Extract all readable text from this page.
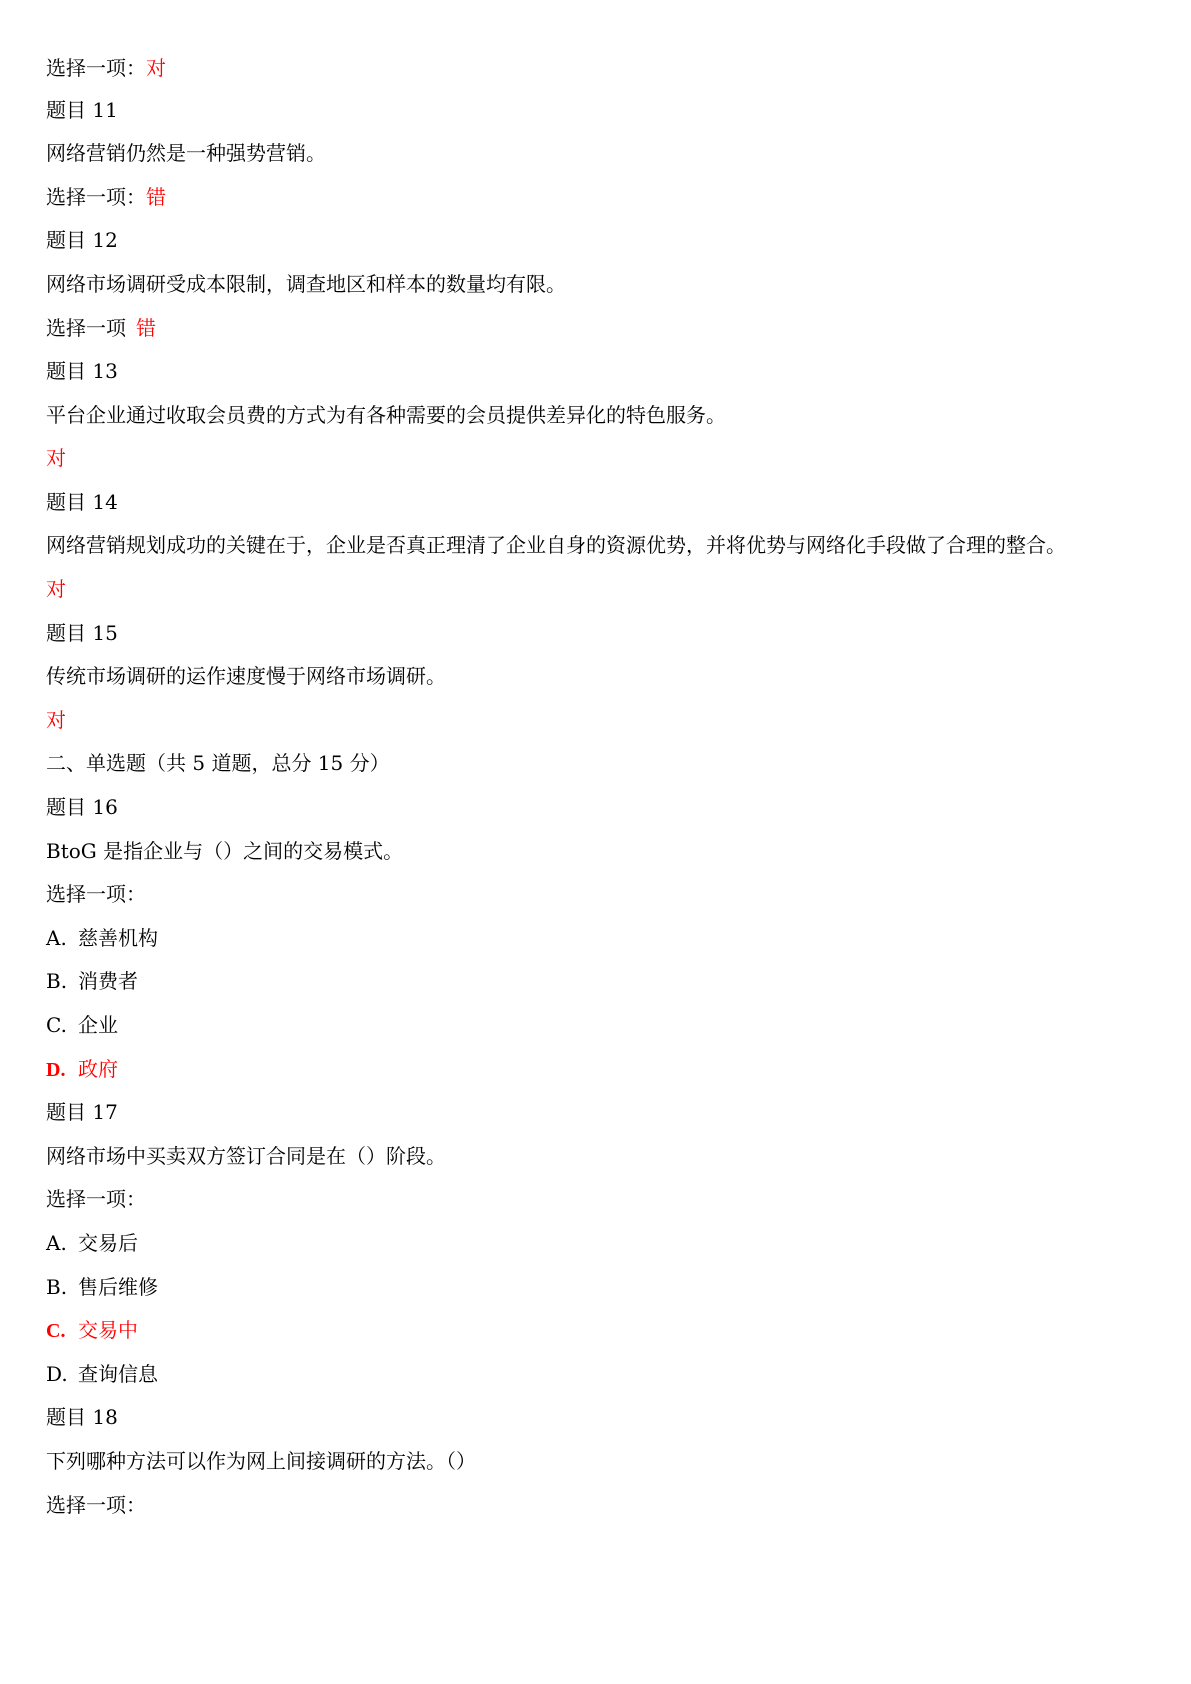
选择一项：对

题目 11

网络营销仍然是一种强势营销。

选择一项：错

题目 12

网络市场调研受成本限制，调查地区和样本的数量均有限。

选择一项 错

题目 13

平台企业通过收取会员费的方式为有各种需要的会员提供差异化的特色服务。

对

题目 14

网络营销规划成功的关键在于，企业是否真正理清了企业自身的资源优势，并将优势与网络化手段做了合理的整合。

对

题目 15

传统市场调研的运作速度慢于网络市场调研。

对

二、单选题（共 5 道题，总分 15 分）

题目 16

BtoG 是指企业与（）之间的交易模式。

选择一项：

A. 慈善机构

B. 消费者

C. 企业

D. 政府

题目 17

网络市场中买卖双方签订合同是在（）阶段。

选择一项：

A. 交易后

B. 售后维修

C. 交易中

D. 查询信息

题目 18

下列哪种方法可以作为网上间接调研的方法。（）

选择一项：
